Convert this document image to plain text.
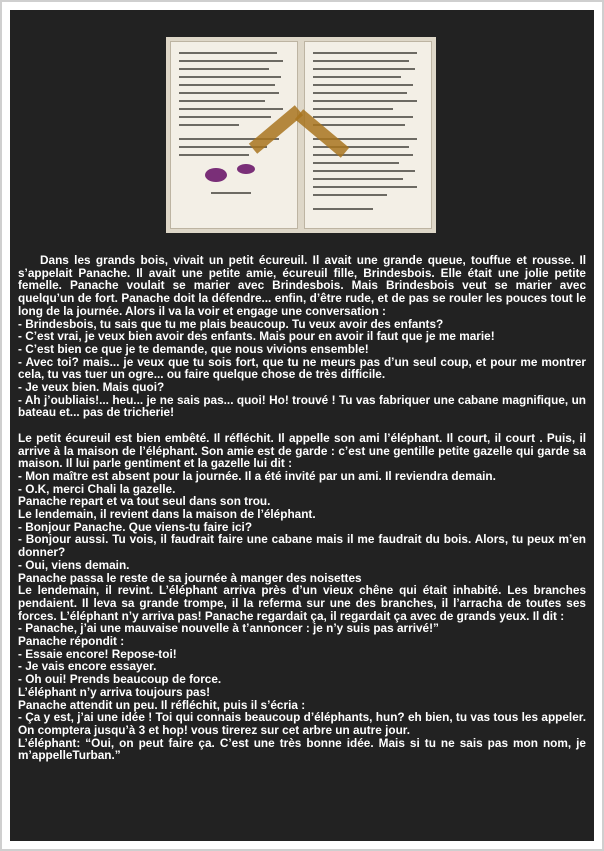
Dans les grands bois, vivait un petit écureuil. Il avait une grande queue, touffue et rousse. Il s’appelait Panache. Il avait une petite amie, écureuil fille, Brindesbois. Elle était une jolie petite femelle. Panache voulait se marier avec Brindesbois. Mais Brindesbois veut se marier avec quelqu’un de fort. Panache doit la défendre... enfin, d’être rude, et de pas se rouler les pouces tout le long de la journée. Alors il va la voir et engage une conversation :

- Brindesbois, tu sais que tu me plais beaucoup. Tu veux avoir des enfants?

- C’est vrai, je veux bien avoir des enfants. Mais pour en avoir il faut que je me marie!

- C’est bien ce que je te demande, que nous vivions ensemble!

- Avec toi? mais... je veux que tu sois fort, que tu ne meurs pas d’un seul coup, et pour me montrer cela, tu vas tuer un ogre... ou faire quelque chose de très difficile.

- Je veux bien. Mais quoi?

- Ah j’oubliais!... heu... je ne sais pas... quoi! Ho! trouvé ! Tu vas fabriquer une cabane magnifique, un bateau et... pas de tricherie!

Le petit écureuil est bien embêté. Il réfléchit. Il appelle son ami l’éléphant. Il court, il court . Puis, il arrive à la maison de l’éléphant. Son amie est de garde : c’est une gentille petite gazelle qui garde sa maison. Il lui parle gentiment et la gazelle lui dit :

- Mon maître est absent pour la journée. Il a été invité par un ami. Il reviendra demain.

- O.K, merci Chali la gazelle.

Panache repart et va tout seul dans son trou.

Le lendemain, il revient dans la maison de l’éléphant.

- Bonjour Panache. Que viens-tu faire ici?

- Bonjour aussi. Tu vois, il faudrait faire une cabane mais il me faudrait du bois. Alors, tu peux m’en donner?

- Oui, viens demain.

Panache passa le reste de sa journée à manger des noisettes

Le lendemain, il revint. L’éléphant arriva près d’un vieux chêne qui était inhabité. Les branches pendaient. Il leva sa grande trompe, il la referma sur une des branches, il l’arracha de toutes ses forces. L’éléphant n’y arriva pas! Panache regardait ça, il regardait ça avec de grands yeux. Il dit :

- Panache, j’ai une mauvaise nouvelle à t’annoncer : je n’y suis pas arrivé!”

Panache répondit :

- Essaie encore! Repose-toi!

- Je vais encore essayer.

- Oh oui! Prends beaucoup de force.

L’éléphant n’y arriva toujours pas!

Panache attendit un peu. Il réfléchit, puis il s’écria :

- Ça y est, j’ai une idée ! Toi qui connais beaucoup d’éléphants, hun? eh bien, tu vas tous les appeler. On comptera jusqu’à 3 et hop! vous tirerez sur cet arbre un autre jour.

L’éléphant: “Oui, on peut faire ça. C’est une très bonne idée. Mais si tu ne sais pas mon nom, je m’appelleTurban.”
